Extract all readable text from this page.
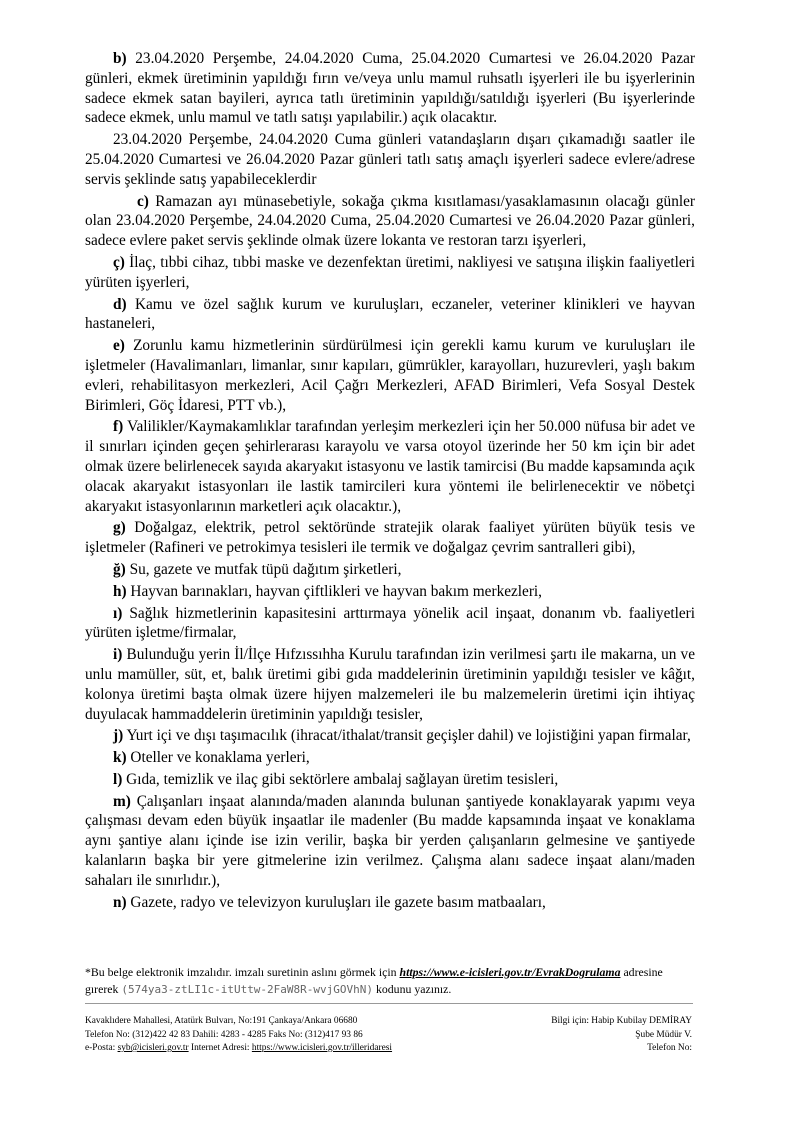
b) 23.04.2020 Perşembe, 24.04.2020 Cuma, 25.04.2020 Cumartesi ve 26.04.2020 Pazar günleri, ekmek üretiminin yapıldığı fırın ve/veya unlu mamul ruhsatlı işyerleri ile bu işyerlerinin sadece ekmek satan bayileri, ayrıca tatlı üretiminin yapıldığı/satıldığı işyerleri (Bu işyerlerinde sadece ekmek, unlu mamul ve tatlı satışı yapılabilir.) açık olacaktır.

23.04.2020 Perşembe, 24.04.2020 Cuma günleri vatandaşların dışarı çıkamadığı saatler ile 25.04.2020 Cumartesi ve 26.04.2020 Pazar günleri tatlı satış amaçlı işyerleri sadece evlere/adrese servis şeklinde satış yapabileceklerdir

c) Ramazan ayı münasebetiyle, sokağa çıkma kısıtlaması/yasaklamasının olacağı günler olan 23.04.2020 Perşembe, 24.04.2020 Cuma, 25.04.2020 Cumartesi ve 26.04.2020 Pazar günleri, sadece evlere paket servis şeklinde olmak üzere lokanta ve restoran tarzı işyerleri,

ç) İlaç, tıbbi cihaz, tıbbi maske ve dezenfektan üretimi, nakliyesi ve satışına ilişkin faaliyetleri yürüten işyerleri,

d) Kamu ve özel sağlık kurum ve kuruluşları, eczaneler, veteriner klinikleri ve hayvan hastaneleri,

e) Zorunlu kamu hizmetlerinin sürdürülmesi için gerekli kamu kurum ve kuruluşları ile işletmeler (Havalimanları, limanlar, sınır kapıları, gümrükler, karayolları, huzurevleri, yaşlı bakım evleri, rehabilitasyon merkezleri, Acil Çağrı Merkezleri, AFAD Birimleri, Vefa Sosyal Destek Birimleri, Göç İdaresi, PTT vb.),

f) Valilikler/Kaymakamlıklar tarafından yerleşim merkezleri için her 50.000 nüfusa bir adet ve il sınırları içinden geçen şehirlerarası karayolu ve varsa otoyol üzerinde her 50 km için bir adet olmak üzere belirlenecek sayıda akaryakıt istasyonu ve lastik tamircisi (Bu madde kapsamında açık olacak akaryakıt istasyonları ile lastik tamircileri kura yöntemi ile belirlenecektir ve nöbetçi akaryakıt istasyonlarının marketleri açık olacaktır.),

g) Doğalgaz, elektrik, petrol sektöründe stratejik olarak faaliyet yürüten büyük tesis ve işletmeler (Rafineri ve petrokimya tesisleri ile termik ve doğalgaz çevrim santralleri gibi),

ğ) Su, gazete ve mutfak tüpü dağıtım şirketleri,

h) Hayvan barınakları, hayvan çiftlikleri ve hayvan bakım merkezleri,

ı) Sağlık hizmetlerinin kapasitesini arttırmaya yönelik acil inşaat, donanım vb. faaliyetleri yürüten işletme/firmalar,

i) Bulunduğu yerin İl/İlçe Hıfzıssıhha Kurulu tarafından izin verilmesi şartı ile makarna, un ve unlu mamüller, süt, et, balık üretimi gibi gıda maddelerinin üretiminin yapıldığı tesisler ve kâğıt, kolonya üretimi başta olmak üzere hijyen malzemeleri ile bu malzemelerin üretimi için ihtiyaç duyulacak hammaddelerin üretiminin yapıldığı tesisler,

j) Yurt içi ve dışı taşımacılık (ihracat/ithalat/transit geçişler dahil) ve lojistiğini yapan firmalar,

k) Oteller ve konaklama yerleri,

l) Gıda, temizlik ve ilaç gibi sektörlere ambalaj sağlayan üretim tesisleri,

m) Çalışanları inşaat alanında/maden alanında bulunan şantiyede konaklayarak yapımı veya çalışması devam eden büyük inşaatlar ile madenler (Bu madde kapsamında inşaat ve konaklama aynı şantiye alanı içinde ise izin verilir, başka bir yerden çalışanların gelmesine ve şantiyede kalanların başka bir yere gitmelerine izin verilmez. Çalışma alanı sadece inşaat alanı/maden sahaları ile sınırlıdır.),

n) Gazete, radyo ve televizyon kuruluşları ile gazete basım matbaaları,

*Bu belge elektronik imzalıdır. imzalı suretinin aslını görmek için https://www.e-icisleri.gov.tr/EvrakDogrulama adresine gırerek (574ya3-ztLI1c-itUttw-2FaW8R-wvjGOVhN) kodunu yazınız.
Kavaklıdere Mahallesi, Atatürk Bulvarı, No:191 Çankaya/Ankara 06680
Telefon No: (312)422 42 83 Dahili: 4283 - 4285 Faks No: (312)417 93 86
e-Posta: syb@icisleri.gov.tr Internet Adresi: https://www.icisleri.gov.tr/illeridaresi
Bilgi için: Habip Kubilay DEMİRAY
Şube Müdür V.
Telefon No:
